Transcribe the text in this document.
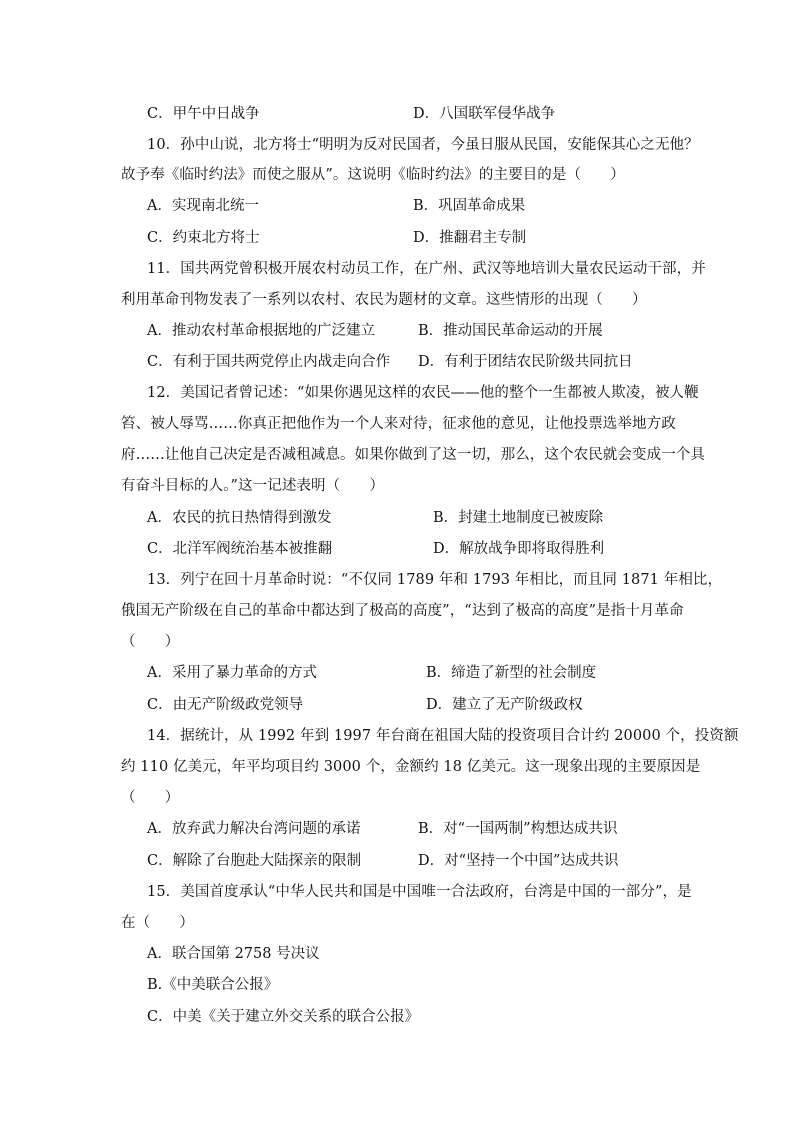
C．甲午中日战争	D．八国联军侵华战争
10．孙中山说，北方将士“明明为反对民国者，今虽日服从民国，安能保其心之无他？
故予奉《临时约法》而使之服从”。这说明《临时约法》的主要目的是（　　）
A．实现南北统一	B．巩固革命成果
C．约束北方将士	D．推翻君主专制
11．国共两党曾积极开展农村动员工作，在广州、武汉等地培训大量农民运动干部，并
利用革命刊物发表了一系列以农村、农民为题材的文章。这些情形的出现（　　）
A．推动农村革命根据地的广泛建立	B．推动国民革命运动的开展
C．有利于国共两党停止内战走向合作 D．有利于团结农民阶级共同抗日
12．美国记者曾记述：“如果你遇见这样的农民——他的整个一生都被人欺凌，被人鞭
笞、被人辱骂……你真正把他作为一个人来对待，征求他的意见，让他投票选举地方政
府……让他自己决定是否减租减息。如果你做到了这一切，那么，这个农民就会变成一个具
有奋斗目标的人。”这一记述表明（　　）
A．农民的抗日热情得到激发	B．封建土地制度已被废除
C．北洋军阀统治基本被推翻	D．解放战争即将取得胜利
13．列宁在回十月革命时说：“不仅同 1789 年和 1793 年相比，而且同 1871 年相比，
俄国无产阶级在自己的革命中都达到了极高的高度”，“达到了极高的高度”是指十月革命
（　　）
A．采用了暴力革命的方式	B．缔造了新型的社会制度
C．由无产阶级政党领导	D．建立了无产阶级政权
14．据统计，从 1992 年到 1997 年台商在祖国大陆的投资项目合计约 20000 个，投资额
约 110 亿美元，年平均项目约 3000 个，金额约 18 亿美元。这一现象出现的主要原因是
（　　）
A．放弃武力解决台湾问题的承诺	B．对“一国两制”构想达成共识
C．解除了台胞赴大陆探亲的限制	D．对“坚持一个中国”达成共识
15．美国首度承认“中华人民共和国是中国唯一合法政府，台湾是中国的一部分”，是
在（　　）
A．联合国第 2758 号决议
B.《中美联合公报》
C．中美《关于建立外交关系的联合公报》
